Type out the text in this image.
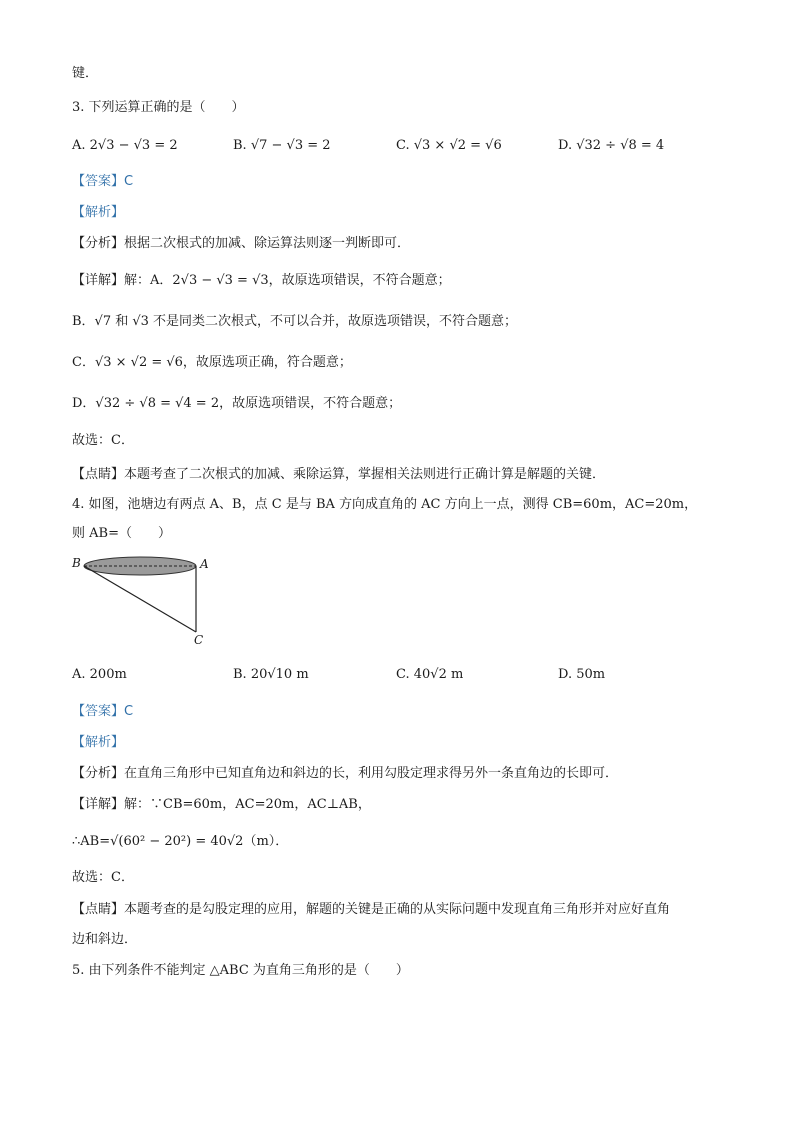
键．
3. 下列运算正确的是（　　）
A. 2√3 − √3 = 2	B. √7 − √3 = 2	C. √3 × √2 = √6	D. √32 ÷ √8 = 4
【答案】C
【解析】
【分析】根据二次根式的加减、除运算法则逐一判断即可．
【详解】解：A．2√3 − √3 = √3，故原选项错误，不符合题意；
B．√7 和 √3 不是同类二次根式，不可以合并，故原选项错误，不符合题意；
C．√3 × √2 = √6，故原选项正确，符合题意；
D．√32 ÷ √8 = √4 = 2，故原选项错误，不符合题意；
故选：C．
【点睛】本题考查了二次根式的加减、乘除运算，掌握相关法则进行正确计算是解题的关键．
4. 如图，池塘边有两点 A、B，点 C 是与 BA 方向成直角的 AC 方向上一点，测得 CB=60m，AC=20m，
则 AB=（　　）
B	A
C
A. 200m	B. 20√10 m	C. 40√2 m	D. 50m
【答案】C
【解析】
【分析】在直角三角形中已知直角边和斜边的长，利用勾股定理求得另外一条直角边的长即可．
【详解】解：∵CB=60m，AC=20m，AC⊥AB，
∴AB=√(60² − 20²) = 40√2（m）．
故选：C．
【点睛】本题考查的是勾股定理的应用，解题的关键是正确的从实际问题中发现直角三角形并对应好直角
边和斜边．
5. 由下列条件不能判定 △ABC 为直角三角形的是（　　）
